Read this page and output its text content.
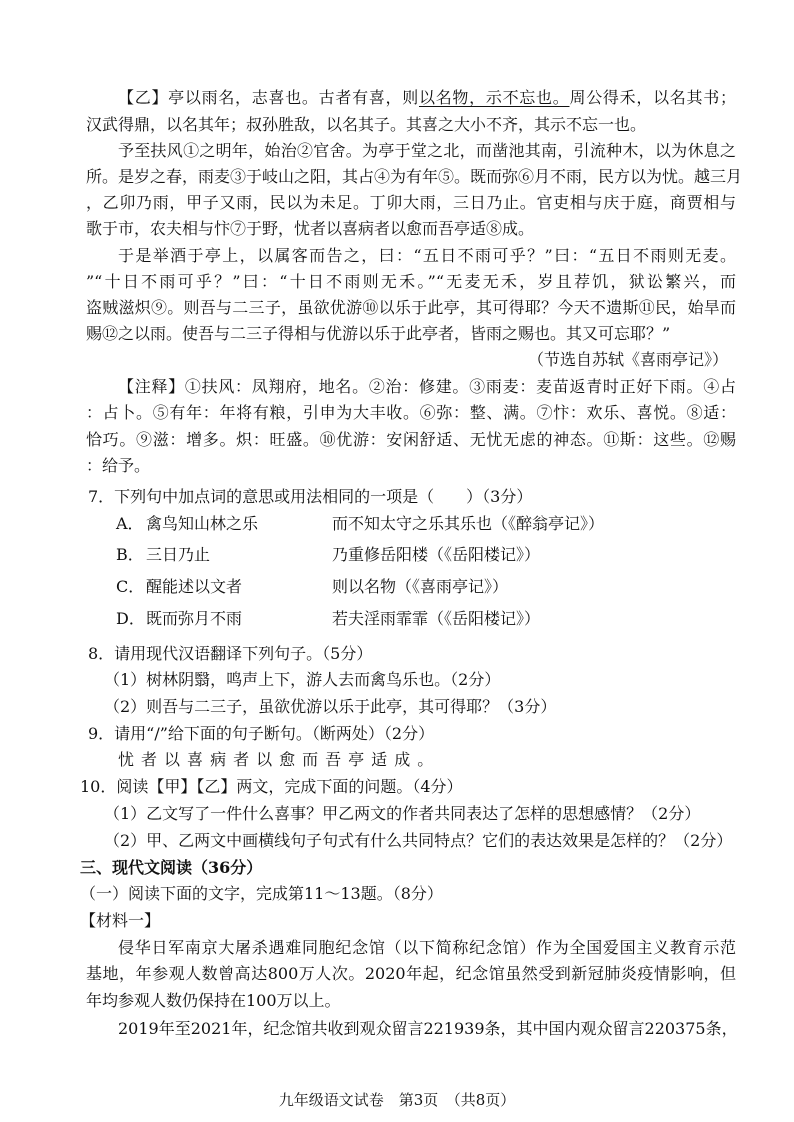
【乙】亭以雨名，志喜也。古者有喜，则以名物，示不忘也。周公得禾，以名其书；
汉武得鼎，以名其年；叔孙胜敌，以名其子。其喜之大小不齐，其示不忘一也。
予至扶风①之明年，始治②官舍。为亭于堂之北，而凿池其南，引流种木，以为休息之
所。是岁之春，雨麦③于岐山之阳，其占④为有年⑤。既而弥⑥月不雨，民方以为忧。越三月
，乙卯乃雨，甲子又雨，民以为未足。丁卯大雨，三日乃止。官吏相与庆于庭，商贾相与
歌于市，农夫相与忭⑦于野，忧者以喜病者以愈而吾亭适⑧成。
于是举酒于亭上，以属客而告之，曰：“五日不雨可乎？”曰：“五日不雨则无麦。
”“十日不雨可乎？”曰：“十日不雨则无禾。”“无麦无禾，岁且荐饥，狱讼繁兴，而
盗贼滋炽⑨。则吾与二三子，虽欲优游⑩以乐于此亭，其可得耶？今天不遗斯⑪民，始旱而
赐⑫之以雨。使吾与二三子得相与优游以乐于此亭者，皆雨之赐也。其又可忘耶？”
（节选自苏轼《喜雨亭记》）
【注释】①扶风：凤翔府，地名。②治：修建。③雨麦：麦苗返青时正好下雨。④占
：占卜。⑤有年：年将有粮，引申为大丰收。⑥弥：整、满。⑦忭：欢乐、喜悦。⑧适：
恰巧。⑨滋：增多。炽：旺盛。⑩优游：安闲舒适、无忧无虑的神态。⑪斯：这些。⑫赐
：给予。
7．下列句中加点词的意思或用法相同的一项是（　　）（3分）
A． 禽鸟知山林之乐	而不知太守之乐其乐也（《醉翁亭记》）
B． 三日乃止	乃重修岳阳楼（《岳阳楼记》）
C． 醒能述以文者	则以名物（《喜雨亭记》）
D． 既而弥月不雨	若夫淫雨霏霏（《岳阳楼记》）
8．请用现代汉语翻译下列句子。（5分）
（1）树林阴翳，鸣声上下，游人去而禽鸟乐也。（2分）
（2）则吾与二三子，虽欲优游以乐于此亭，其可得耶？（3分）
9．请用“/”给下面的句子断句。（断两处）（2分）
忧 者 以 喜 病 者 以 愈 而 吾 亭 适 成 。
10．阅读【甲】【乙】两文，完成下面的问题。（4分）
（1）乙文写了一件什么喜事？甲乙两文的作者共同表达了怎样的思想感情？（2分）
（2）甲、乙两文中画横线句子句式有什么共同特点？它们的表达效果是怎样的？（2分）
三、现代文阅读（36分）
（一）阅读下面的文字，完成第11～13题。（8分）
【材料一】
侵华日军南京大屠杀遇难同胞纪念馆（以下简称纪念馆）作为全国爱国主义教育示范
基地，年参观人数曾高达800万人次。2020年起，纪念馆虽然受到新冠肺炎疫情影响，但
年均参观人数仍保持在100万以上。
2019年至2021年，纪念馆共收到观众留言221939条，其中国内观众留言220375条，
九年级语文试卷　第3页　（共8页）
